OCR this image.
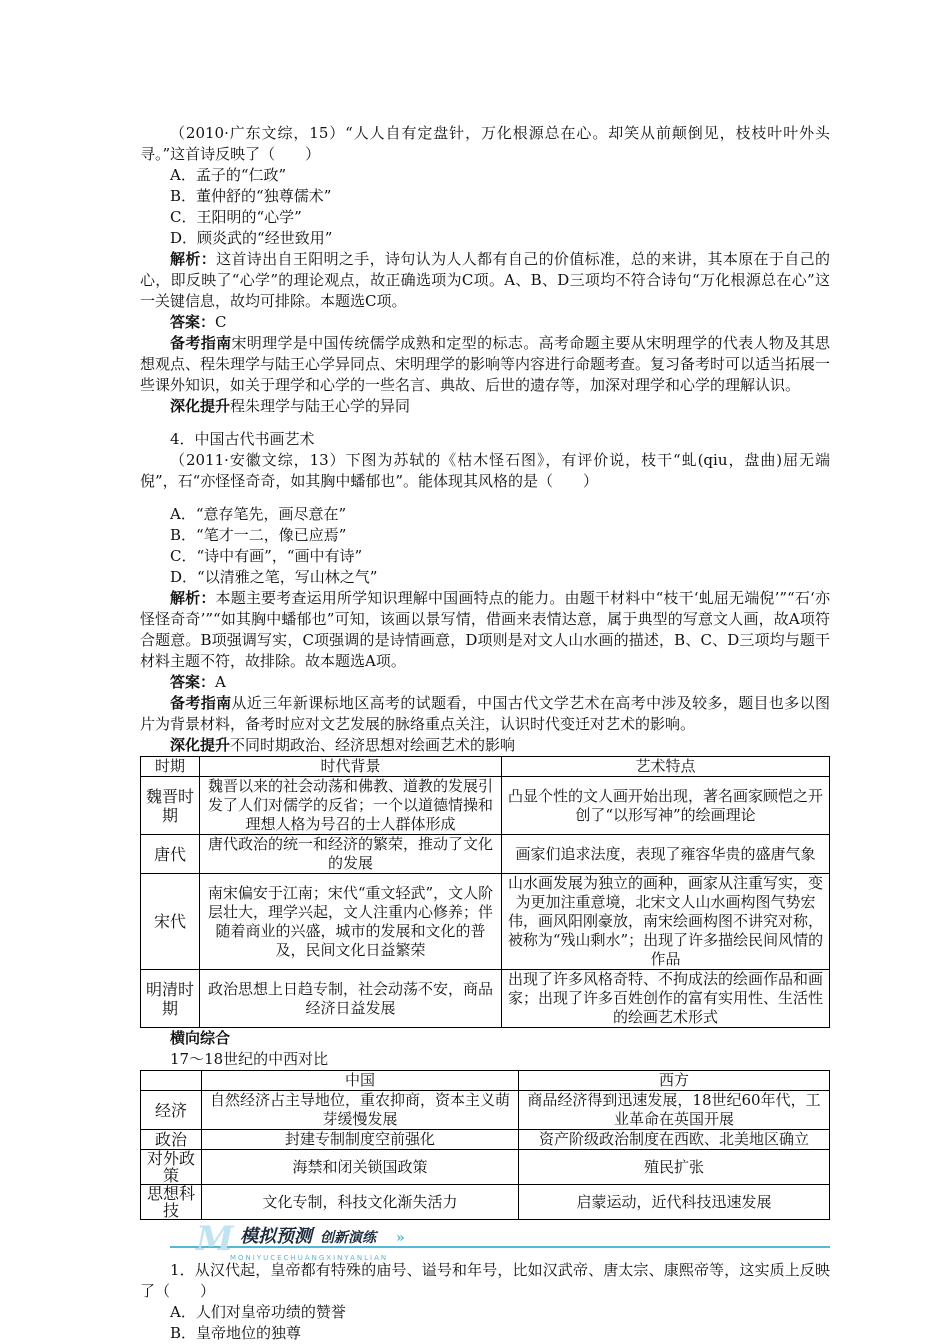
（2010·广东文综，15）“人人自有定盘针，万化根源总在心。却笑从前颠倒见，枝枝叶叶外头寻。”这首诗反映了（　　）

A．孟子的“仁政”

B．董仲舒的“独尊儒术”

C．王阳明的“心学”

D．顾炎武的“经世致用”

解析：这首诗出自王阳明之手，诗句认为人人都有自己的价值标准，总的来讲，其本原在于自己的心，即反映了“心学”的理论观点，故正确选项为C项。A、B、D三项均不符合诗句“万化根源总在心”这一关键信息，故均可排除。本题选C项。

答案：C

备考指南宋明理学是中国传统儒学成熟和定型的标志。高考命题主要从宋明理学的代表人物及其思想观点、程朱理学与陆王心学异同点、宋明理学的影响等内容进行命题考查。复习备考时可以适当拓展一些课外知识，如关于理学和心学的一些名言、典故、后世的遗存等，加深对理学和心学的理解认识。

深化提升程朱理学与陆王心学的异同

4．中国古代书画艺术

（2011·安徽文综，13）下图为苏轼的《枯木怪石图》，有评价说，枝干“虬(qiu，盘曲)屈无端倪”，石“亦怪怪奇奇，如其胸中蟠郁也”。能体现其风格的是（　　）

A．“意存笔先，画尽意在”

B．“笔才一二，像已应焉”

C．“诗中有画”，“画中有诗”

D．“以清雅之笔，写山林之气”

解析：本题主要考查运用所学知识理解中国画特点的能力。由题干材料中“枝干‘虬屈无端倪’”“石‘亦怪怪奇奇’”“如其胸中蟠郁也”可知，该画以景写情，借画来表情达意，属于典型的写意文人画，故A项符合题意。B项强调写实，C项强调的是诗情画意，D项则是对文人山水画的描述，B、C、D三项均与题干材料主题不符，故排除。故本题选A项。

答案：A

备考指南从近三年新课标地区高考的试题看，中国古代文学艺术在高考中涉及较多，题目也多以图片为背景材料，备考时应对文艺发展的脉络重点关注，认识时代变迁对艺术的影响。

深化提升不同时期政治、经济思想对绘画艺术的影响

时期	时代背景	艺术特点
魏晋时期	魏晋以来的社会动荡和佛教、道教的发展引发了人们对儒学的反省；一个以道德情操和理想人格为号召的士人群体形成	凸显个性的文人画开始出现，著名画家顾恺之开创了“以形写神”的绘画理论
唐代	唐代政治的统一和经济的繁荣，推动了文化的发展	画家们追求法度，表现了雍容华贵的盛唐气象
宋代	南宋偏安于江南；宋代“重文轻武”，文人阶层壮大，理学兴起，文人注重内心修养；伴随着商业的兴盛，城市的发展和文化的普及，民间文化日益繁荣	山水画发展为独立的画种，画家从注重写实，变为更加注重意境，北宋文人山水画构图气势宏伟，画风阳刚豪放，南宋绘画构图不讲究对称，被称为“残山剩水”；出现了许多描绘民间风情的作品
明清时期	政治思想上日趋专制，社会动荡不安，商品经济日益发展	出现了许多风格奇特、不拘成法的绘画作品和画家；出现了许多百姓创作的富有实用性、生活性的绘画艺术形式

横向综合

17～18世纪的中西对比

	中国	西方
经济	自然经济占主导地位，重农抑商，资本主义萌芽缓慢发展	商品经济得到迅速发展，18世纪60年代，工业革命在英国开展
政治	封建专制制度空前强化	资产阶级政治制度在西欧、北美地区确立
对外政策	海禁和闭关锁国政策	殖民扩张
思想科技	文化专制，科技文化渐失活力	启蒙运动，近代科技迅速发展
M 模拟预测 创新演练 »
MONIYUCECHUANGXINYANLIAN

1．从汉代起，皇帝都有特殊的庙号、谥号和年号，比如汉武帝、唐太宗、康熙帝等，这实质上反映了（　　）

A．人们对皇帝功绩的赞誉

B．皇帝地位的独尊
